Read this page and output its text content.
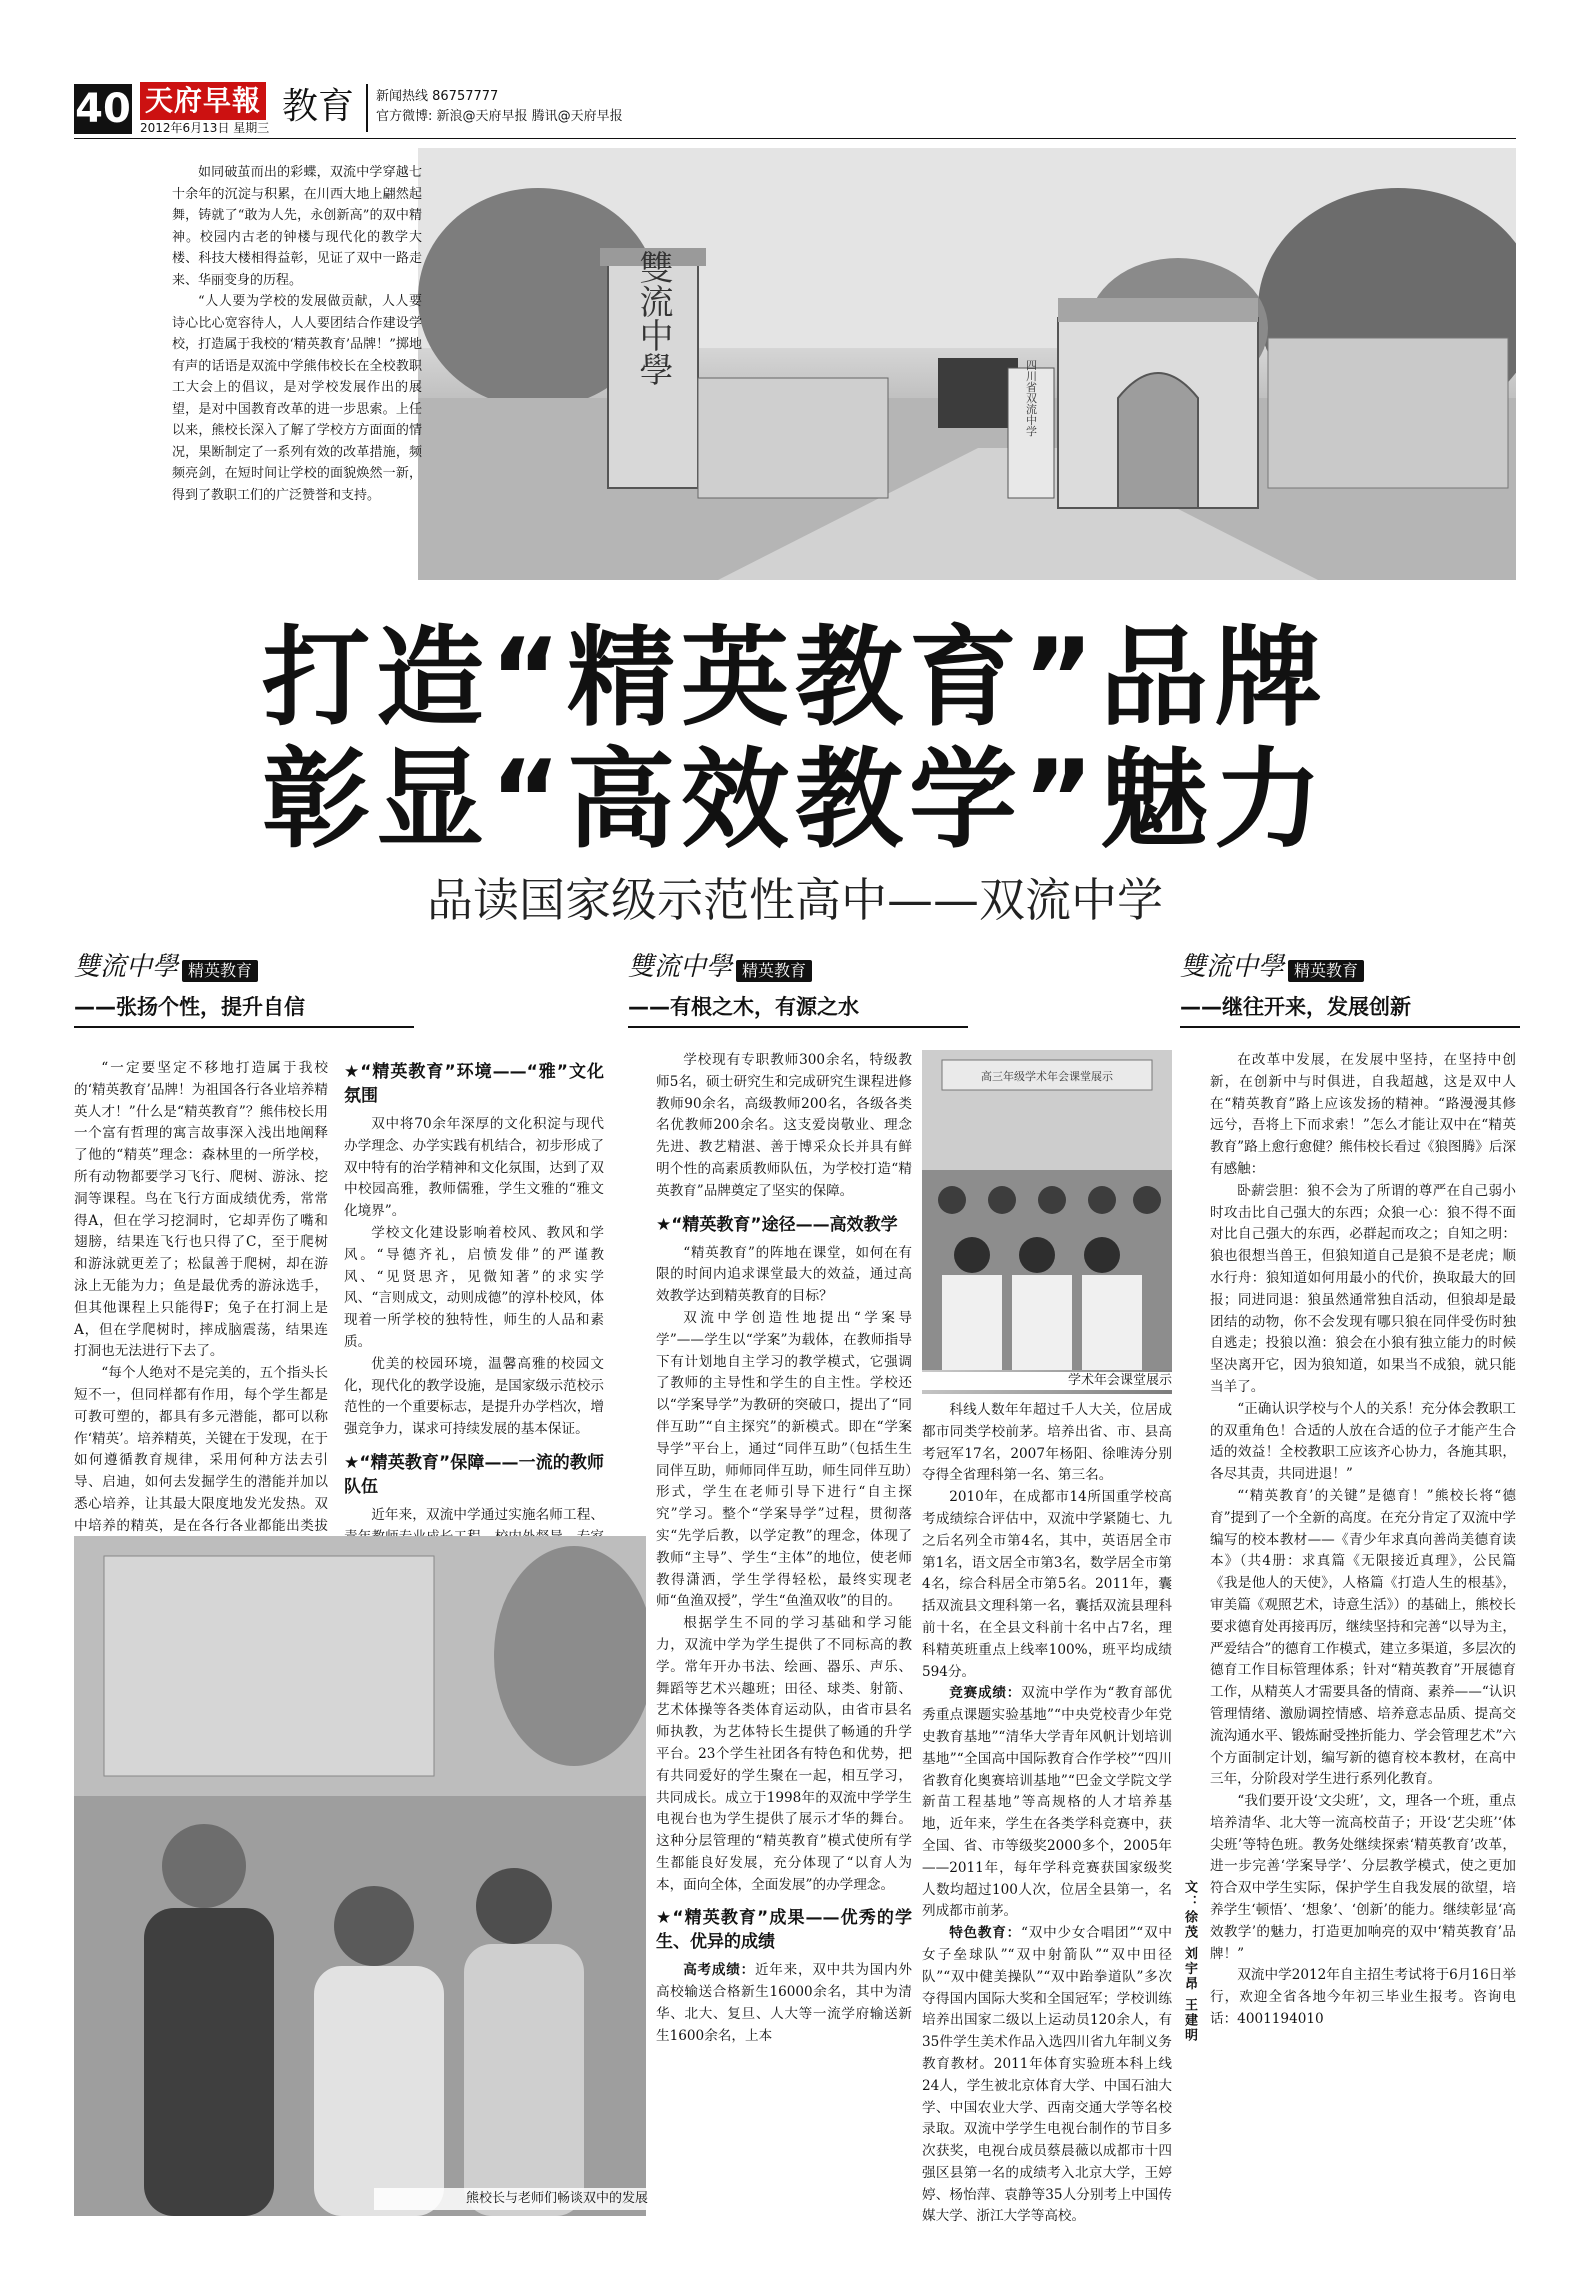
40 天府早報
2012年6月13日 星期三
教育 新闻热线 86757777
官方微博: 新浪@天府早报 腾讯@天府早报
雙流中學
四川省双流中学

如同破茧而出的彩蝶，双流中学穿越七十余年的沉淀与积累，在川西大地上翩然起舞，铸就了“敢为人先，永创新高”的双中精神。校园内古老的钟楼与现代化的教学大楼、科技大楼相得益彰，见证了双中一路走来、华丽变身的历程。

“人人要为学校的发展做贡献，人人要诗心比心宽容待人，人人要团结合作建设学校，打造属于我校的‘精英教育’品牌！”掷地有声的话语是双流中学熊伟校长在全校教职工大会上的倡议，是对学校发展作出的展望，是对中国教育改革的进一步思索。上任以来，熊校长深入了解了学校方方面面的情况，果断制定了一系列有效的改革措施，频频亮剑，在短时间让学校的面貌焕然一新，得到了教职工们的广泛赞誉和支持。

打造“精英教育”品牌
彰显“高效教学”魅力
品读国家级示范性高中——双流中学
雙流中學 精英教育
——张扬个性，提升自信
雙流中學 精英教育
——有根之木，有源之水
雙流中學 精英教育
——继往开来，发展创新

“一定要坚定不移地打造属于我校的‘精英教育’品牌！为祖国各行各业培养精英人才！”什么是“精英教育”？熊伟校长用一个富有哲理的寓言故事深入浅出地阐释了他的“精英”理念：森林里的一所学校，所有动物都要学习飞行、爬树、游泳、挖洞等课程。鸟在飞行方面成绩优秀，常常得A，但在学习挖洞时，它却弄伤了嘴和翅膀，结果连飞行也只得了C，至于爬树和游泳就更差了；松鼠善于爬树，却在游泳上无能为力；鱼是最优秀的游泳选手，但其他课程上只能得F；兔子在打洞上是A，但在学爬树时，摔成脑震荡，结果连打洞也无法进行下去了。

“每个人绝对不是完美的，五个指头长短不一，但同样都有作用，每个学生都是可教可塑的，都具有多元潜能，都可以称作‘精英’。培养精英，关键在于发现，在于如何遵循教育规律，采用何种方法去引导、启迪，如何去发掘学生的潜能并加以悉心培养，让其最大限度地发光发热。双中培养的精英，是在各行各业都能出类拔

★“精英教育”环境——“雅”文化氛围

双中将70余年深厚的文化积淀与现代办学理念、办学实践有机结合，初步形成了双中特有的治学精神和文化氛围，达到了双中校园高雅，教师儒雅，学生文雅的“雅文化境界”。

学校文化建设影响着校风、教风和学风。“导德齐礼，启愤发俳”的严谨教风、“见贤思齐，见微知著”的求实学风、“言则成文，动则成德”的淳朴校风，体现着一所学校的独特性，师生的人品和素质。

优美的校园环境，温馨高雅的校园文化，现代化的教学设施，是国家级示范校示范性的一个重要标志，是提升办学档次，增强竞争力，谋求可持续发展的基本保证。

★“精英教育”保障——一流的教师队伍

近年来，双流中学通过实施名师工程、

熊校长与老师们畅谈双中的发展

学校现有专职教师300余名，特级教师5名，硕士研究生和完成研究生课程进修教师90余名，高级教师200名，各级各类名优教师200余名。这支爱岗敬业、理念先进、教艺精湛、善于博采众长并具有鲜明个性的高素质教师队伍，为学校打造“精英教育”品牌奠定了坚实的保障。

★“精英教育”途径——高效教学

“精英教育”的阵地在课堂，如何在有限的时间内追求课堂最大的效益，通过高效教学达到精英教育的目标？

双流中学创造性地提出“学案导学”——学生以“学案”为载体，在教师指导下有计划地自主学习的教学模式，它强调了教师的主导性和学生的自主性。学校还以“学案导学”为教研的突破口，提出了“同伴互助”“自主探究”的新模式。即在“学案导学”平台上，通过“同伴互助”（包括生生同伴互助，师师同伴互助，师生同伴互助）形式，学生在老师引导下进行“自主探究”学习。整个“学案导学”过程，贯彻落实“先学后教，以学定教”的理念，体现了教师“主导”、学生“主体”的地位，使老师教得潇洒，学生学得轻松，最终实现老师“鱼渔双授”，学生“鱼渔双收”的目的。

根据学生不同的学习基础和学习能力，双流中学为学生提供了不同标高的教学。常年开办书法、绘画、器乐、声乐、舞蹈等艺术兴趣班；田径、球类、射箭、艺术体操等各类体育运动队，由省市县名师执教，为艺体特长生提供了畅通的升学平台。23个学生社团各有特色和优势，把有共同爱好的学生聚在一起，相互学习，共同成长。成立于1998年的双流中学学生电视台也为学生提供了展示才华的舞台。这种分层管理的“精英教育”模式使所有学生都能良好发展，充分体现了“以育人为本，面向全体，全面发展”的办学理念。

★“精英教育”成果——优秀的学生、优异的成绩

高考成绩：近年来，双中共为国内外高校输送合格新生16000余名，其中为清华、北大、复旦、人大等一流学府输送新生1600余名，上本

高三年级学术年会课堂展示
学术年会课堂展示

科线人数年年超过千人大关，位居成都市同类学校前茅。培养出省、市、县高考冠军17名，2007年杨阳、徐唯涛分别夺得全省理科第一名、第三名。

2010年，在成都市14所国重学校高考成绩综合评估中，双流中学紧随七、九之后名列全市第4名，其中，英语居全市第1名，语文居全市第3名，数学居全市第4名，综合科居全市第5名。2011年，囊括双流县文理科第一名，囊括双流县理科前十名，在全县文科前十名中占7名，理科精英班重点上线率100%，班平均成绩594分。

竞赛成绩：双流中学作为“教育部优秀重点课题实验基地”“中央党校青少年党史教育基地”“清华大学青年风帆计划培训基地”“全国高中国际教育合作学校”“四川省教育化奥赛培训基地”“巴金文学院文学新苗工程基地”等高规格的人才培养基地，近年来，学生在各类学科竞赛中，获全国、省、市等级奖2000多个，2005年——2011年，每年学科竞赛获国家级奖人数均超过100人次，位居全县第一，名列成都市前茅。

特色教育：“双中少女合唱团”“双中女子垒球队”“双中射箭队”“双中田径队”“双中健美操队”“双中跆拳道队”多次夺得国内国际大奖和全国冠军；学校训练培养出国家二级以上运动员120余人，有35件学生美术作品入选四川省九年制义务教育教材。2011年体育实验班本科上线24人，学生被北京体育大学、中国石油大学、中国农业大学、西南交通大学等名校录取。双流中学学生电视台制作的节目多次获奖，电视台成员蔡晨薇以成都市十四强区县第一名的成绩考入北京大学，王婷婷、杨怡萍、袁静等35人分别考上中国传媒大学、浙江大学等高校。

文：徐茂 刘宇昂 王建明

在改革中发展，在发展中坚持，在坚持中创新，在创新中与时俱进，自我超越，这是双中人在“精英教育”路上应该发扬的精神。“路漫漫其修远兮，吾将上下而求索！”怎么才能让双中在“精英教育”路上愈行愈健？熊伟校长看过《狼图腾》后深有感触：

卧薪尝胆：狼不会为了所谓的尊严在自己弱小时攻击比自己强大的东西；众狼一心：狼不得不面对比自己强大的东西，必群起而攻之；自知之明：狼也很想当兽王，但狼知道自己是狼不是老虎；顺水行舟：狼知道如何用最小的代价，换取最大的回报；同进同退：狼虽然通常独自活动，但狼却是最团结的动物，你不会发现有哪只狼在同伴受伤时独自逃走；投狼以渔：狼会在小狼有独立能力的时候坚决离开它，因为狼知道，如果当不成狼，就只能当羊了。

“正确认识学校与个人的关系！充分体会教职工的双重角色！合适的人放在合适的位子才能产生合适的效益！全校教职工应该齐心协力，各施其职，各尽其责，共同进退！”

“‘精英教育’的关键”是德育！”熊校长将“德育”提到了一个全新的高度。在充分肯定了双流中学编写的校本教材——《青少年求真向善尚美德育读本》（共4册：求真篇《无限接近真理》，公民篇《我是他人的天使》，人格篇《打造人生的根基》，审美篇《观照艺术，诗意生活》）的基础上，熊校长要求德育处再接再厉，继续坚持和完善“以导为主，严爱结合”的德育工作模式，建立多渠道，多层次的德育工作目标管理体系；针对“精英教育”开展德育工作，从精英人才需要具备的情商、素养——“认识管理情绪、激励调控情感、培养意志品质、提高交流沟通水平、锻炼耐受挫折能力、学会管理艺术”六个方面制定计划，编写新的德育校本教材，在高中三年，分阶段对学生进行系列化教育。

“我们要开设‘文尖班’，文，理各一个班，重点培养清华、北大等一流高校苗子；开设‘艺尖班’‘体尖班’等特色班。教务处继续探索‘精英教育’改革，进一步完善‘学案导学’、分层教学模式，使之更加符合双中学生实际，保护学生自我发展的欲望，培养学生‘顿悟’、‘想象’、‘创新’的能力。继续彰显‘高效教学’的魅力，打造更加响亮的双中‘精英教育’品牌！”

双流中学2012年自主招生考试将于6月16日举行，欢迎全省各地今年初三毕业生报考。咨询电话：4001194010
